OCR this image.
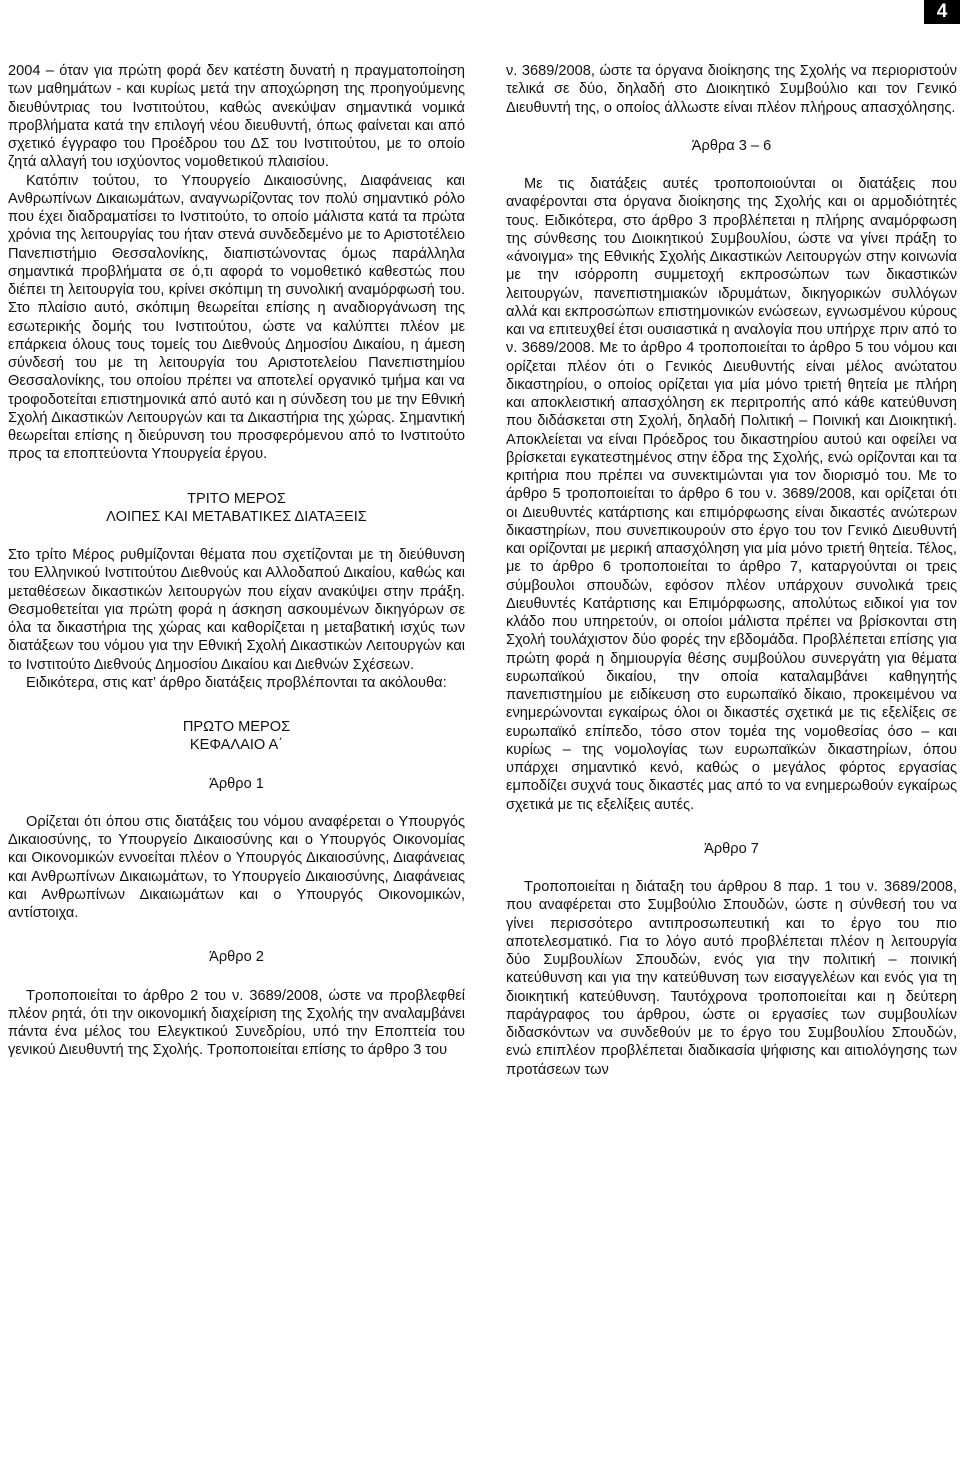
4

2004 – όταν για πρώτη φορά δεν κατέστη δυνατή η πραγματοποίηση των μαθημάτων - και κυρίως μετά την αποχώρηση της προηγούμενης διευθύντριας του Ινστιτούτου, καθώς ανεκύψαν σημαντικά νομικά προβλήματα κατά την επιλογή νέου διευθυντή, όπως φαίνεται και από σχετικό έγγραφο του Προέδρου του ΔΣ του Ινστιτούτου, με το οποίο ζητά αλλαγή του ισχύοντος νομοθετικού πλαισίου.

Κατόπιν τούτου, το Υπουργείο Δικαιοσύνης, Διαφάνειας και Ανθρωπίνων Δικαιωμάτων, αναγνωρίζοντας τον πολύ σημαντικό ρόλο που έχει διαδραματίσει το Ινστιτούτο, το οποίο μάλιστα κατά τα πρώτα χρόνια της λειτουργίας του ήταν στενά συνδεδεμένο με το Αριστοτέλειο Πανεπιστήμιο Θεσσαλονίκης, διαπιστώνοντας όμως παράλληλα σημαντικά προβλήματα σε ό,τι αφορά το νομοθετικό καθεστώς που διέπει τη λειτουργία του, κρίνει σκόπιμη τη συνολική αναμόρφωσή του. Στο πλαίσιο αυτό, σκόπιμη θεωρείται επίσης η αναδιοργάνωση της εσωτερικής δομής του Ινστιτούτου, ώστε να καλύπτει πλέον με επάρκεια όλους τους τομείς του Διεθνούς Δημοσίου Δικαίου, η άμεση σύνδεσή του με τη λειτουργία του Αριστοτελείου Πανεπιστημίου Θεσσαλονίκης, του οποίου πρέπει να αποτελεί οργανικό τμήμα και να τροφοδοτείται επιστημονικά από αυτό και η σύνδεση του με την Εθνική Σχολή Δικαστικών Λειτουργών και τα Δικαστήρια της χώρας. Σημαντική θεωρείται επίσης η διεύρυνση του προσφερόμενου από το Ινστιτούτο προς τα εποπτεύοντα Υπουργεία έργου.

ΤΡΙΤΟ ΜΕΡΟΣ

ΛΟΙΠΕΣ ΚΑΙ ΜΕΤΑΒΑΤΙΚΕΣ ΔΙΑΤΑΞΕΙΣ

Στο τρίτο Μέρος ρυθμίζονται θέματα που σχετίζονται με τη διεύθυνση του Ελληνικού Ινστιτούτου Διεθνούς και Αλλοδαπού Δικαίου, καθώς και μεταθέσεων δικαστικών λειτουργών που είχαν ανακύψει στην πράξη. Θεσμοθετείται για πρώτη φορά η άσκηση ασκουμένων δικηγόρων σε όλα τα δικαστήρια της χώρας και καθορίζεται η μεταβατική ισχύς των διατάξεων του νόμου για την Εθνική Σχολή Δικαστικών Λειτουργών και το Ινστιτούτο Διεθνούς Δημοσίου Δικαίου και Διεθνών Σχέσεων.

Ειδικότερα, στις κατ’ άρθρο διατάξεις προβλέπονται τα ακόλουθα:

ΠΡΩΤΟ ΜΕΡΟΣ

ΚΕΦΑΛΑΙΟ Α΄

Άρθρο 1

Ορίζεται ότι όπου στις διατάξεις του νόμου αναφέρεται ο Υπουργός Δικαιοσύνης, το Υπουργείο Δικαιοσύνης και ο Υπουργός Οικονομίας και Οικονομικών εννοείται πλέον ο Υπουργός Δικαιοσύνης, Διαφάνειας και Ανθρωπίνων Δικαιωμάτων, το Υπουργείο Δικαιοσύνης, Διαφάνειας και Ανθρωπίνων Δικαιωμάτων και ο Υπουργός Οικονομικών, αντίστοιχα.

Άρθρο 2

Τροποποιείται το άρθρο 2 του ν. 3689/2008, ώστε να προβλεφθεί πλέον ρητά, ότι την οικονομική διαχείριση της Σχολής την αναλαμβάνει πάντα ένα μέλος του Ελεγκτικού Συνεδρίου, υπό την Εποπτεία του γενικού Διευθυντή της Σχολής. Τροποποιείται επίσης το άρθρο 3 του

ν. 3689/2008, ώστε τα όργανα διοίκησης της Σχολής να περιοριστούν τελικά σε δύο, δηλαδή στο Διοικητικό Συμβούλιο και τον Γενικό Διευθυντή της, ο οποίος άλλωστε είναι πλέον πλήρους απασχόλησης.

Άρθρα 3 – 6

Με τις διατάξεις αυτές τροποποιούνται οι διατάξεις που αναφέρονται στα όργανα διοίκησης της Σχολής και οι αρμοδιότητές τους. Ειδικότερα, στο άρθρο 3 προβλέπεται η πλήρης αναμόρφωση της σύνθεσης του Διοικητικού Συμβουλίου, ώστε να γίνει πράξη το «άνοιγμα» της Εθνικής Σχολής Δικαστικών Λειτουργών στην κοινωνία με την ισόρροπη συμμετοχή εκπροσώπων των δικαστικών λειτουργών, πανεπιστημιακών ιδρυμάτων, δικηγορικών συλλόγων αλλά και εκπροσώπων επιστημονικών ενώσεων, εγνωσμένου κύρους και να επιτευχθεί έτσι ουσιαστικά η αναλογία που υπήρχε πριν από το ν. 3689/2008. Με το άρθρο 4 τροποποιείται το άρθρο 5 του νόμου και ορίζεται πλέον ότι ο Γενικός Διευθυντής είναι μέλος ανώτατου δικαστηρίου, ο οποίος ορίζεται για μία μόνο τριετή θητεία με πλήρη και αποκλειστική απασχόληση εκ περιτροπής από κάθε κατεύθυνση που διδάσκεται στη Σχολή, δηλαδή Πολιτική – Ποινική και Διοικητική. Αποκλείεται να είναι Πρόεδρος του δικαστηρίου αυτού και οφείλει να βρίσκεται εγκατεστημένος στην έδρα της Σχολής, ενώ ορίζονται και τα κριτήρια που πρέπει να συνεκτιμώνται για τον διορισμό του. Με το άρθρο 5 τροποποιείται το άρθρο 6 του ν. 3689/2008, και ορίζεται ότι οι Διευθυντές κατάρτισης και επιμόρφωσης είναι δικαστές ανώτερων δικαστηρίων, που συνεπικουρούν στο έργο του τον Γενικό Διευθυντή και ορίζονται με μερική απασχόληση για μία μόνο τριετή θητεία. Τέλος, με το άρθρο 6 τροποποιείται το άρθρο 7, καταργούνται οι τρεις σύμβουλοι σπουδών, εφόσον πλέον υπάρχουν συνολικά τρεις Διευθυντές Κατάρτισης και Επιμόρφωσης, απολύτως ειδικοί για τον κλάδο που υπηρετούν, οι οποίοι μάλιστα πρέπει να βρίσκονται στη Σχολή τουλάχιστον δύο φορές την εβδομάδα. Προβλέπεται επίσης για πρώτη φορά η δημιουργία θέσης συμβούλου συνεργάτη για θέματα ευρωπαϊκού δικαίου, την οποία καταλαμβάνει καθηγητής πανεπιστημίου με ειδίκευση στο ευρωπαϊκό δίκαιο, προκειμένου να ενημερώνονται εγκαίρως όλοι οι δικαστές σχετικά με τις εξελίξεις σε ευρωπαϊκό επίπεδο, τόσο στον τομέα της νομοθεσίας όσο – και κυρίως – της νομολογίας των ευρωπαϊκών δικαστηρίων, όπου υπάρχει σημαντικό κενό, καθώς ο μεγάλος φόρτος εργασίας εμποδίζει συχνά τους δικαστές μας από το να ενημερωθούν εγκαίρως σχετικά με τις εξελίξεις αυτές.

Άρθρο 7

Τροποποιείται η διάταξη του άρθρου 8 παρ. 1 του ν. 3689/2008, που αναφέρεται στο Συμβούλιο Σπουδών, ώστε η σύνθεσή του να γίνει περισσότερο αντιπροσωπευτική και το έργο του πιο αποτελεσματικό. Για το λόγο αυτό προβλέπεται πλέον η λειτουργία δύο Συμβουλίων Σπουδών, ενός για την πολιτική – ποινική κατεύθυνση και για την κατεύθυνση των εισαγγελέων και ενός για τη διοικητική κατεύθυνση. Ταυτόχρονα τροποποιείται και η δεύτερη παράγραφος του άρθρου, ώστε οι εργασίες των συμβουλίων διδασκόντων να συνδεθούν με το έργο του Συμβουλίου Σπουδών, ενώ επιπλέον προβλέπεται διαδικασία ψήφισης και αιτιολόγησης των προτάσεων των
